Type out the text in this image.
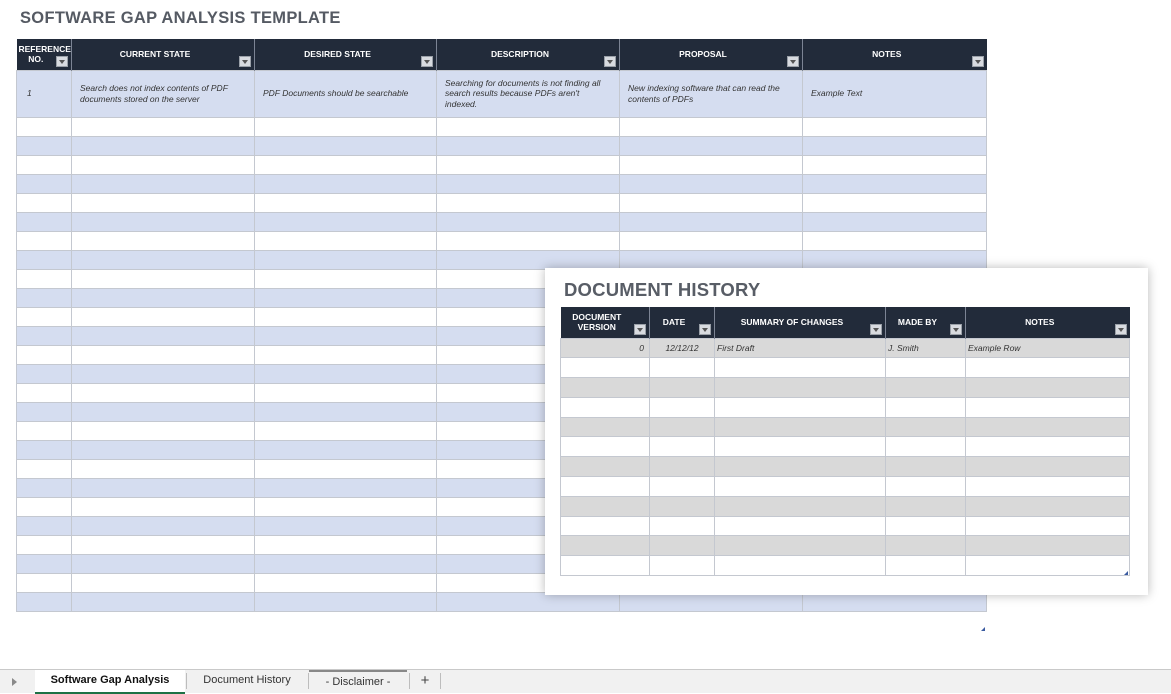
SOFTWARE GAP ANALYSIS TEMPLATE
REFERENCE NO.	CURRENT STATE	DESIRED STATE	DESCRIPTION	PROPOSAL	NOTES

1	Search does not index contents of PDF documents stored on the server	PDF Documents should be searchable	Searching for documents is not finding all search results because PDFs aren't indexed.	New indexing software that can read the contents of PDFs	Example Text

DOCUMENT HISTORY
DOCUMENT VERSION	DATE	SUMMARY OF CHANGES	MADE BY	NOTES

0	12/12/12	First Draft	J. Smith	Example Row

Software Gap Analysis	Document History	- Disclaimer -	+
